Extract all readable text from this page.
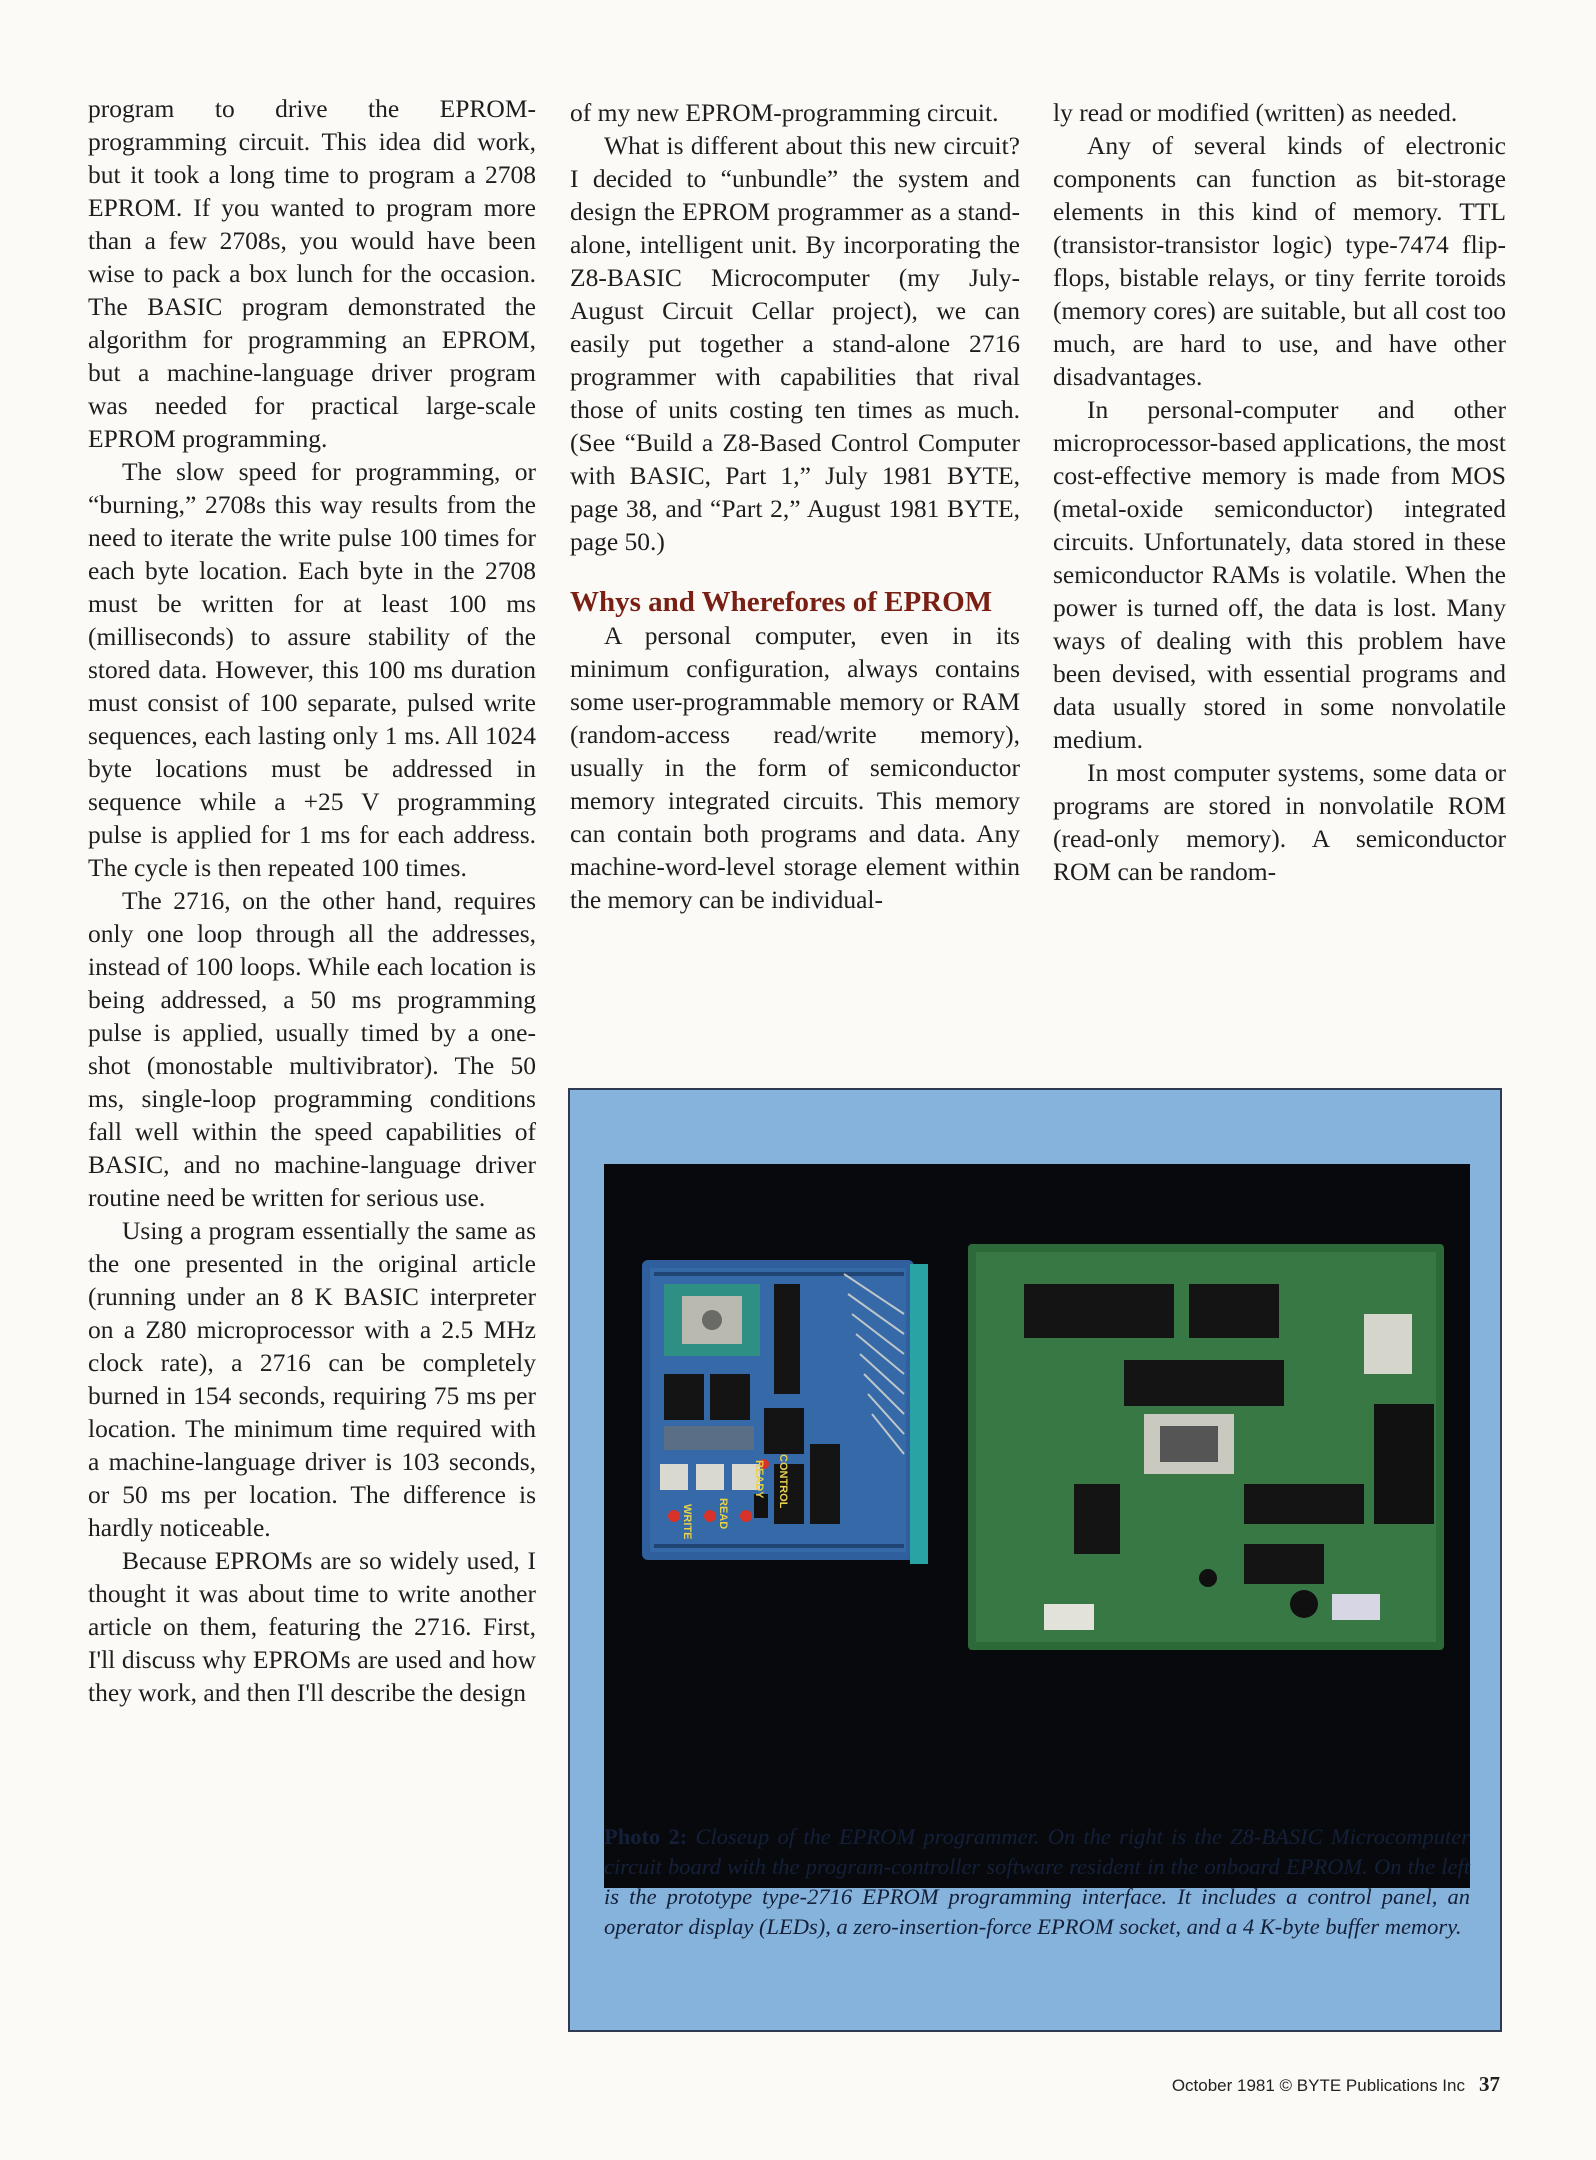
program to drive the EPROM-programming circuit. This idea did work, but it took a long time to program a 2708 EPROM. If you wanted to program more than a few 2708s, you would have been wise to pack a box lunch for the occasion. The BASIC program demonstrated the algorithm for programming an EPROM, but a machine-language driver program was needed for practical large-scale EPROM programming.

The slow speed for programming, or “burning,” 2708s this way results from the need to iterate the write pulse 100 times for each byte location. Each byte in the 2708 must be written for at least 100 ms (milliseconds) to assure stability of the stored data. However, this 100 ms duration must consist of 100 separate, pulsed write sequences, each lasting only 1 ms. All 1024 byte locations must be addressed in sequence while a +25 V programming pulse is applied for 1 ms for each address. The cycle is then repeated 100 times.

The 2716, on the other hand, requires only one loop through all the addresses, instead of 100 loops. While each location is being addressed, a 50 ms programming pulse is applied, usually timed by a one-shot (monostable multivibrator). The 50 ms, single-loop programming conditions fall well within the speed capabilities of BASIC, and no machine-language driver routine need be written for serious use.

Using a program essentially the same as the one presented in the original article (running under an 8 K BASIC interpreter on a Z80 microprocessor with a 2.5 MHz clock rate), a 2716 can be completely burned in 154 seconds, requiring 75 ms per location. The minimum time required with a machine-language driver is 103 seconds, or 50 ms per location. The difference is hardly noticeable.

Because EPROMs are so widely used, I thought it was about time to write another article on them, featuring the 2716. First, I'll discuss why EPROMs are used and how they work, and then I'll describe the design

of my new EPROM-programming circuit.

What is different about this new circuit? I decided to “unbundle” the system and design the EPROM programmer as a stand-alone, intelligent unit. By incorporating the Z8-BASIC Microcomputer (my July-August Circuit Cellar project), we can easily put together a stand-alone 2716 programmer with capabilities that rival those of units costing ten times as much. (See “Build a Z8-Based Control Computer with BASIC, Part 1,” July 1981 BYTE, page 38, and “Part 2,” August 1981 BYTE, page 50.)

Whys and Wherefores of EPROM

A personal computer, even in its minimum configuration, always contains some user-programmable memory or RAM (random-access read/write memory), usually in the form of semiconductor memory integrated circuits. This memory can contain both programs and data. Any machine-word-level storage element within the memory can be individual-

ly read or modified (written) as needed.

Any of several kinds of electronic components can function as bit-storage elements in this kind of memory. TTL (transistor-transistor logic) type-7474 flip-flops, bistable relays, or tiny ferrite toroids (memory cores) are suitable, but all cost too much, are hard to use, and have other disadvantages.

In personal-computer and other microprocessor-based applications, the most cost-effective memory is made from MOS (metal-oxide semiconductor) integrated circuits. Unfortunately, data stored in these semiconductor RAMs is volatile. When the power is turned off, the data is lost. Many ways of dealing with this problem have been devised, with essential programs and data usually stored in some nonvolatile medium.

In most computer systems, some data or programs are stored in nonvolatile ROM (read-only memory). A semiconductor ROM can be random-

WRITE READ
READY CONTROL
Photo 2: Closeup of the EPROM programmer. On the right is the Z8-BASIC Microcomputer circuit board with the program-controller software resident in the onboard EPROM. On the left is the prototype type-2716 EPROM programming interface. It includes a control panel, an operator display (LEDs), a zero-insertion-force EPROM socket, and a 4 K-byte buffer memory.
October 1981 © BYTE Publications Inc 37
